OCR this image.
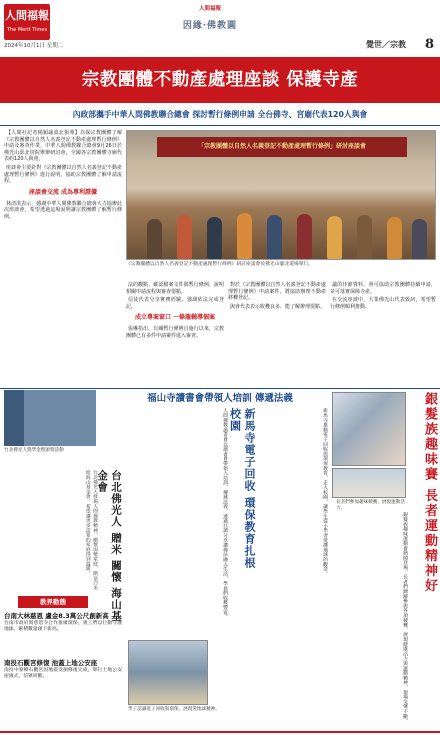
人間福報
The Merit Times
2024年10月1日 星期二
人間福報
因緣‧佛教圓
覺世／宗教 8
宗教團體不動產處理座談 保護寺產
內政部攜手中華人間佛教聯合總會 探討暫行條例申請 全台佛寺、宮廟代表120人與會

【人間社記者楊穎諭臺北報導】為保宗教團體了解《宗教團體以自然人名義登記不動產處理暫行條例》申請及審查作業，中華人間佛教聯合總會9月26日於佛光山臺北別院舉辦研討會，全國各宗教團體寺廟代表約120人與會。

座談會主要針對《宗教團體以自然人名義登記不動產處理暫行條例》進行說明，協助宗教團體了解申請流程。

座談會交流 成為專利證據

林清淇表示，感謝中華人間佛教聯合總會大力協辦此次座談會，希望透過這場說明讓宗教團體了解暫行條例。

「宗教團體以自然人名義登記不動產處理暫行條例」研討座談會
《宗教團體以自然人名義登記不動產處理暫行條例》研討座談會於佛光山臺北道場舉行。

法的觀點，確認檔案文件與暫行條例，說明相關申請流程與審查要點。

信徒代表分享實務經驗，強調依法完成登記。

成立專案窗口 一條龍輔導個案

張琳指出，有關暫行條例自施行以來，宗教團體已有多件申請案件進入審查。

對於《宗教團體以自然人名義登記不動產處理暫行條例》申請案件，將協助辦理不動產移轉登記。

與會代表表示收穫良多，能了解辦理要點。

議的佳節資料，會可協助宗教團體持續申請，並可落實保障寺產。

在交流座談中，大業佛光山代表致詞，希望暫行條例順利推動。

台北佛光人獎學金暨頒獎活動
台北佛光人 贈米 關懷 海山基金會
台北佛光人發揚人間佛教精神，關懷弱勢家庭，贈送白米給海山基金會，希望讓更多需要的家庭得到溫暖。
教界動態
台南大林慈恩 盧金8.3萬公尺創新高
台南市政府與慈恩寺合作推廣環保，義工們以行動守護地球，累積數量創下新高。
南投石觀宮修復 池蓋上地公安座
南投中寮鄉石觀宮因地震受損修復完成，舉行土地公安座儀式，信眾同歡。
福山寺讀書會帶領人培訓 傳遞法義
人間佛教讀書會以讀書會帶領人培訓，傳遞法義，透過共讀分享讓佛法融入生活，學員們收穫豐富。	新馬寺電子回收 環保教育扎根校園	新馬寺推動電子回收與環保教育，走入校園，讓學生從小學習愛護地球的觀念。
學子認識電子回收與環保，展現愛地球精神。
長者們參加趣味競賽，展現運動活力。	銀髮族趣味賽 長者運動精神好
銀髮族趣味運動會熱鬧登場，長者們踴躍參與各項競賽，展現健康活力與運動精神，現場笑聲不斷。
